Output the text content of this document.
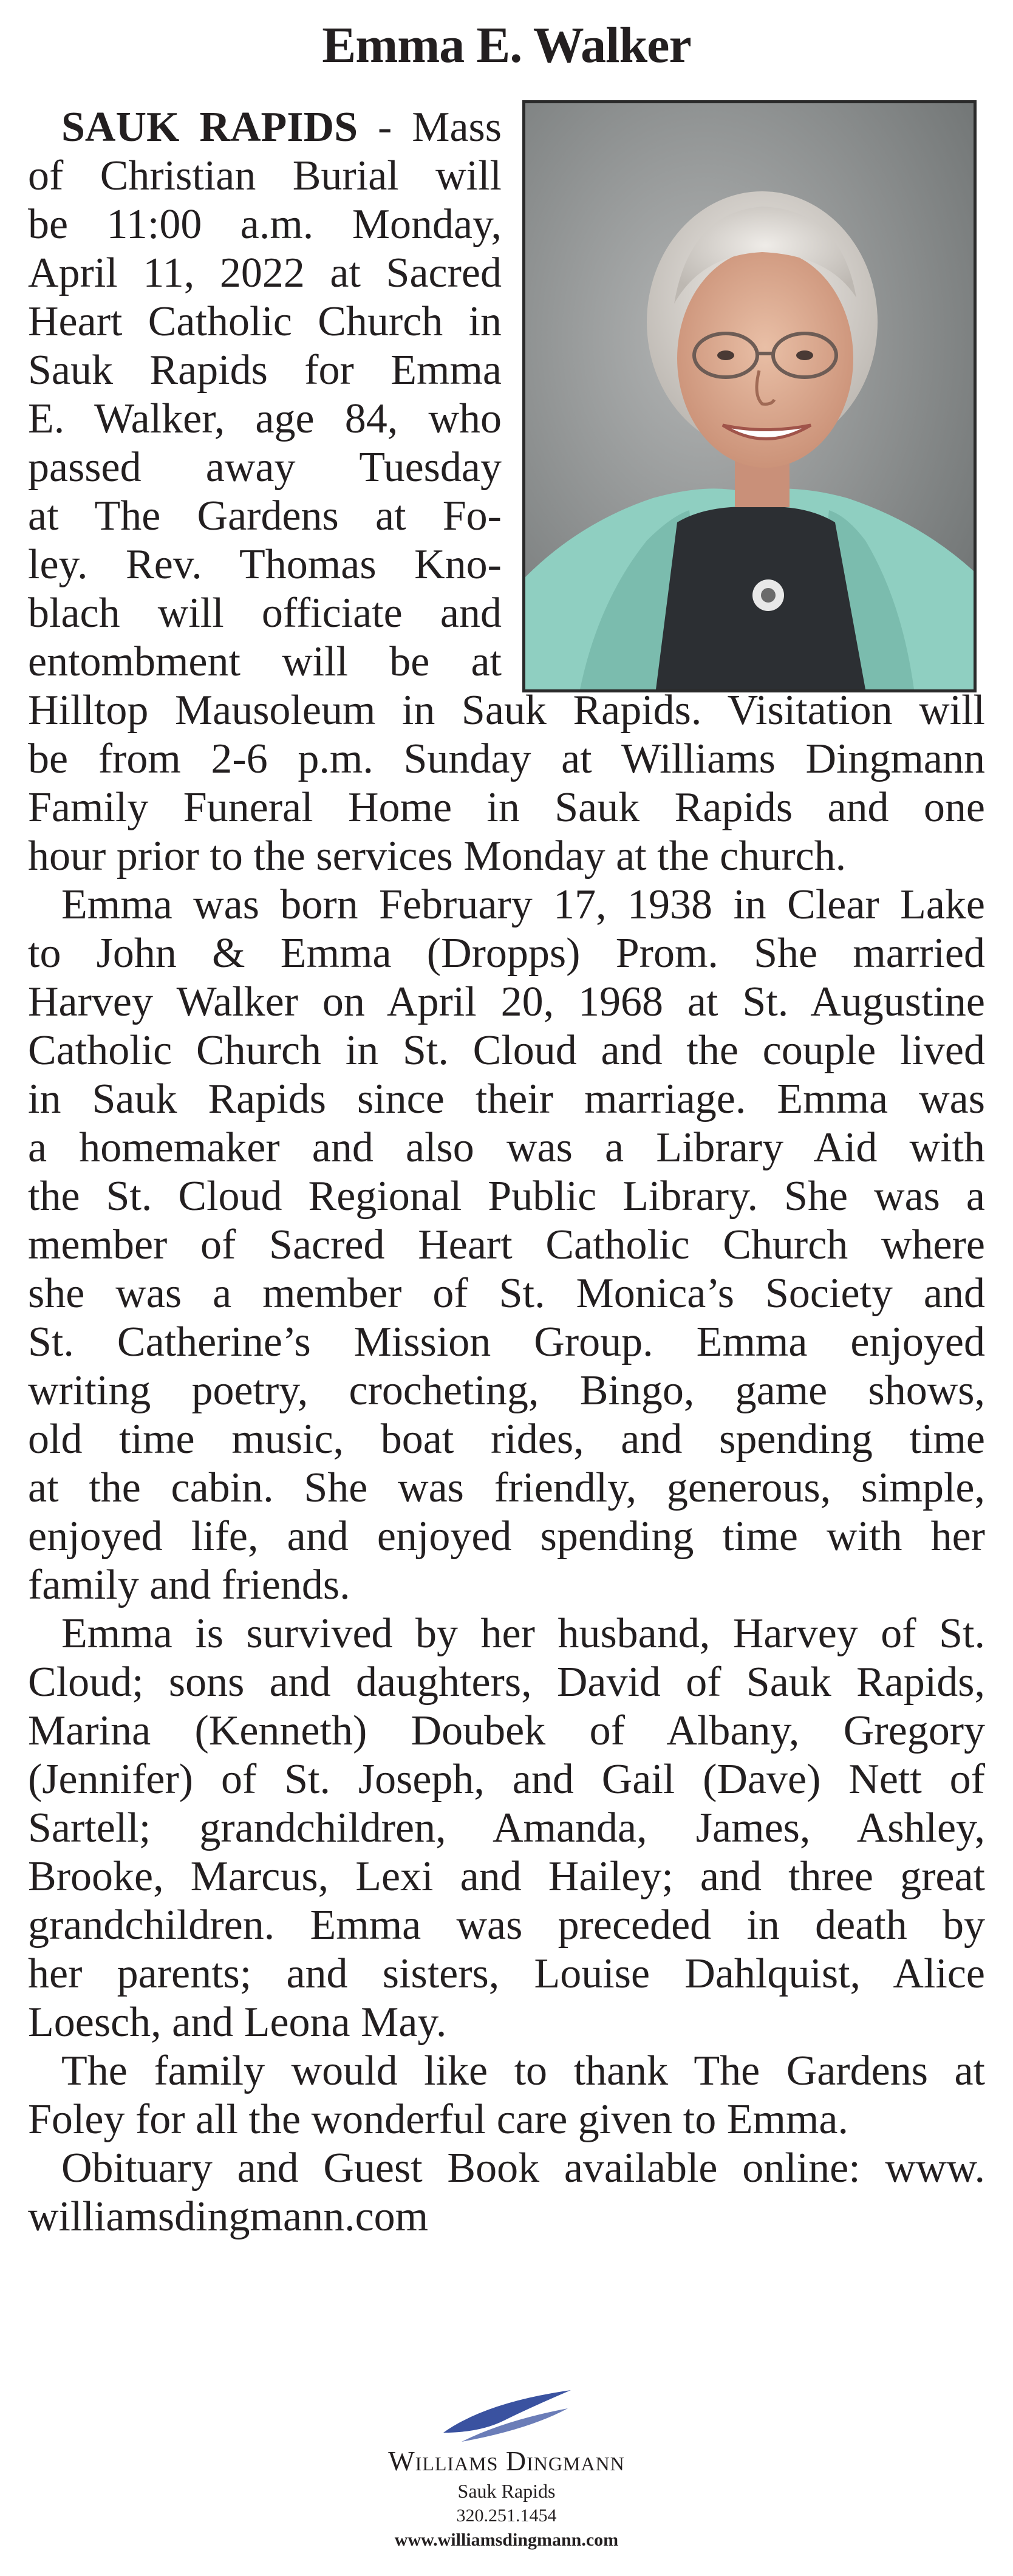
Emma E. Walker
SAUK RAPIDS - Mass
of Christian Burial will
be 11:00 a.m. Monday,
April 11, 2022 at Sacred
Heart Catholic Church in
Sauk Rapids for Emma
E. Walker, age 84, who
passed away Tuesday
at The Gardens at Fo-
ley. Rev. Thomas Kno-
blach will officiate and
entombment will be at
Hilltop Mausoleum in Sauk Rapids. Visitation will
be from 2-6 p.m. Sunday at Williams Dingmann
Family Funeral Home in Sauk Rapids and one
hour prior to the services Monday at the church.
Emma was born February 17, 1938 in Clear Lake
to John & Emma (Dropps) Prom. She married
Harvey Walker on April 20, 1968 at St. Augustine
Catholic Church in St. Cloud and the couple lived
in Sauk Rapids since their marriage. Emma was
a homemaker and also was a Library Aid with
the St. Cloud Regional Public Library. She was a
member of Sacred Heart Catholic Church where
she was a member of St. Monica’s Society and
St. Catherine’s Mission Group. Emma enjoyed
writing poetry, crocheting, Bingo, game shows,
old time music, boat rides, and spending time
at the cabin. She was friendly, generous, simple,
enjoyed life, and enjoyed spending time with her
family and friends.
Emma is survived by her husband, Harvey of St.
Cloud; sons and daughters, David of Sauk Rapids,
Marina (Kenneth) Doubek of Albany, Gregory
(Jennifer) of St. Joseph, and Gail (Dave) Nett of
Sartell; grandchildren, Amanda, James, Ashley,
Brooke, Marcus, Lexi and Hailey; and three great
grandchildren. Emma was preceded in death by
her parents; and sisters, Louise Dahlquist, Alice
Loesch, and Leona May.
The family would like to thank The Gardens at
Foley for all the wonderful care given to Emma.
Obituary and Guest Book available online: www.
williamsdingmann.com

Williams Dingmann

Sauk Rapids

320.251.1454

www.williamsdingmann.com
